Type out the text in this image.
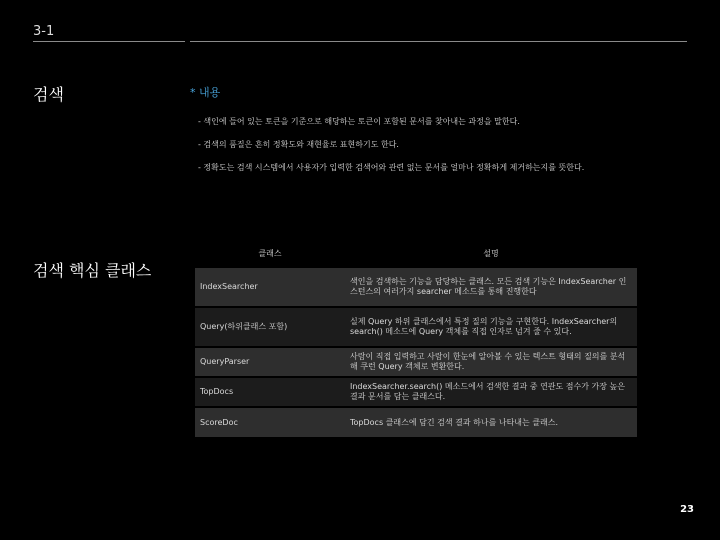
3-1
검색	* 내용

- 색인에 들어 있는 토큰을 기준으로 해당하는 토큰이 포함된 문서를 찾아내는 과정을 말한다.

- 검색의 품질은 흔히 정확도와 재현율로 표현하기도 한다.

- 정확도는 검색 시스템에서 사용자가 입력한 검색어와 관련 없는 문서를 얼마나 정확하게 제거하는지를 뜻한다.

검색 핵심 클래스
클래스	설명
IndexSearcher	색인을 검색하는 기능을 담당하는 클래스. 모든 검색 기능은 IndexSearcher 인스턴스의 여러가지 searcher 메소드를 통해 진행한다
Query(하위클래스 포함)	실제 Query 하위 클래스에서 특정 질의 기능을 구현한다. IndexSearcher의 search() 메소드에 Query 객체를 직접 인자로 넘겨 줄 수 있다.
QueryParser	사람이 직접 입력하고 사람이 한눈에 알아볼 수 있는 텍스트 형태의 질의를 분석해 쿠런 Query 객체로 변환한다.
TopDocs	IndexSearcher.search() 메소드에서 검색한 결과 중 연관도 점수가 가장 높은 결과 문서를 담는 클래스다.
ScoreDoc	TopDocs 클래스에 담긴 검색 결과 하나를 나타내는 클래스.
23
